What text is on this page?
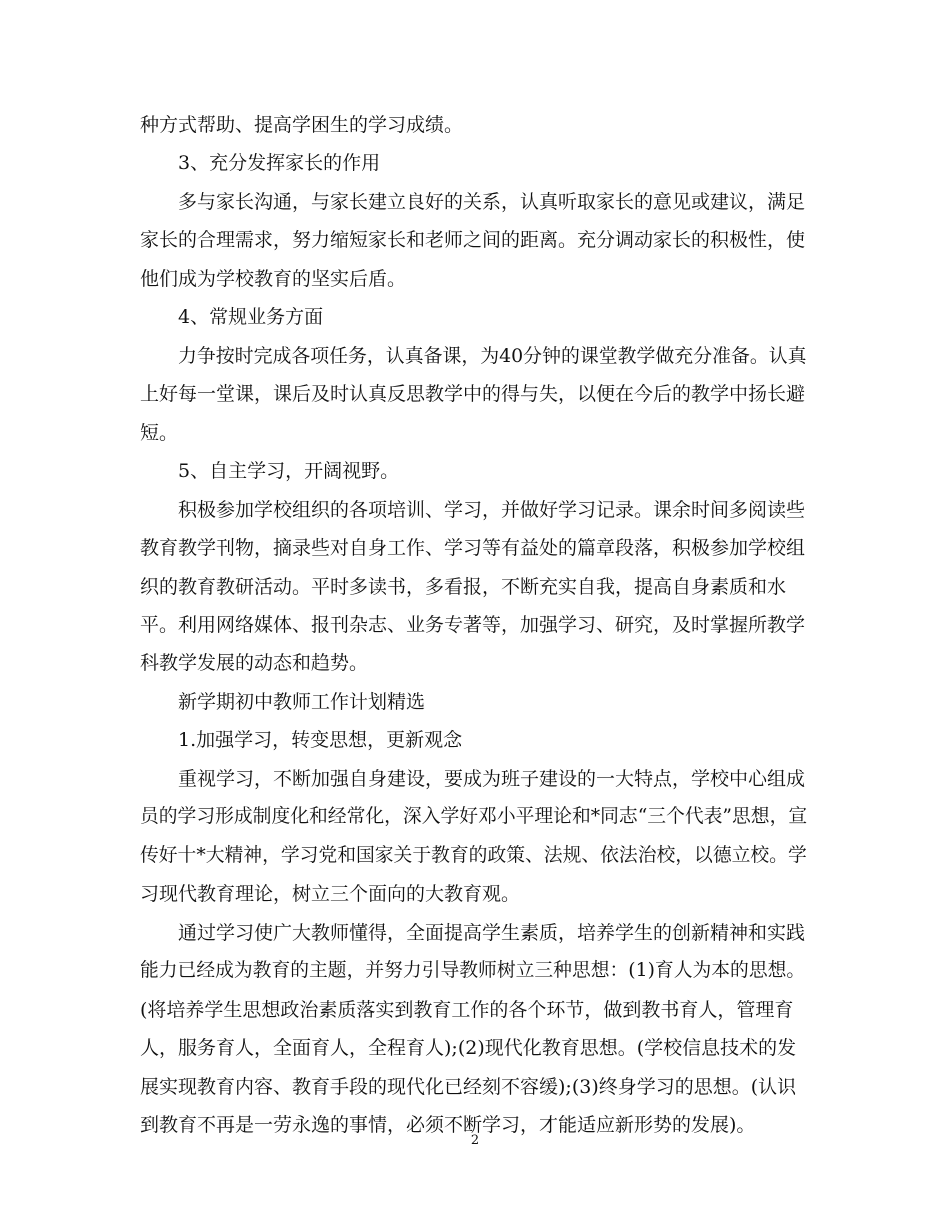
种方式帮助、提高学困生的学习成绩。
3、充分发挥家长的作用
多与家长沟通，与家长建立良好的关系，认真听取家长的意见或建议，满足
家长的合理需求，努力缩短家长和老师之间的距离。充分调动家长的积极性，使
他们成为学校教育的坚实后盾。
4、常规业务方面
力争按时完成各项任务，认真备课，为40分钟的课堂教学做充分准备。认真
上好每一堂课，课后及时认真反思教学中的得与失，以便在今后的教学中扬长避
短。
5、自主学习，开阔视野。
积极参加学校组织的各项培训、学习，并做好学习记录。课余时间多阅读些
教育教学刊物，摘录些对自身工作、学习等有益处的篇章段落，积极参加学校组
织的教育教研活动。平时多读书，多看报，不断充实自我，提高自身素质和水
平。利用网络媒体、报刊杂志、业务专著等，加强学习、研究，及时掌握所教学
科教学发展的动态和趋势。
新学期初中教师工作计划精选
1.加强学习，转变思想，更新观念
重视学习，不断加强自身建设，要成为班子建设的一大特点，学校中心组成
员的学习形成制度化和经常化，深入学好邓小平理论和*同志“三个代表”思想，宣
传好十*大精神，学习党和国家关于教育的政策、法规、依法治校，以德立校。学
习现代教育理论，树立三个面向的大教育观。
通过学习使广大教师懂得，全面提高学生素质，培养学生的创新精神和实践
能力已经成为教育的主题，并努力引导教师树立三种思想：(1)育人为本的思想。
(将培养学生思想政治素质落实到教育工作的各个环节，做到教书育人，管理育
人，服务育人，全面育人，全程育人);(2)现代化教育思想。(学校信息技术的发
展实现教育内容、教育手段的现代化已经刻不容缓);(3)终身学习的思想。(认识
到教育不再是一劳永逸的事情，必须不断学习，才能适应新形势的发展)。
2
